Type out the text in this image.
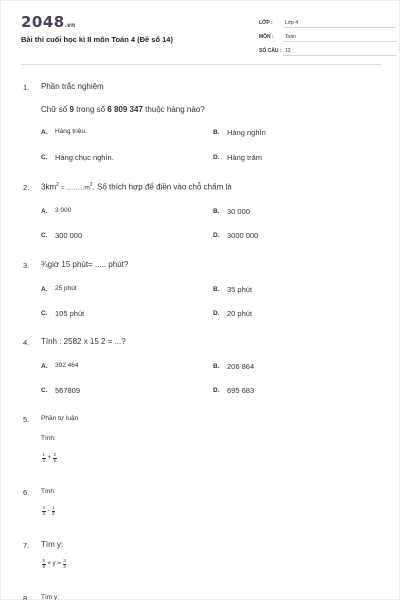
2048.vn
Bài thi cuối học kì II môn Toán 4 (Đề số 14)
LỚP :	Lớp 4
MÔN :	Toán
SỐ CÂU : 12
1. Phần trắc nghiệm
Chữ số 9 trong số 6 809 347 thuộc hàng nào?
A. Hàng triệu.	B. Hàng nghìn
C. Hàng chục nghìn.	D. Hàng trăm
2. $3km^2 = ..........m^2$. Số thích hợp để điền vào chỗ chấm là
A. 3 000	B. 30 000
C. 300 000	D. 3000 000
3. ¾giờ 15 phút= ..... phút?
A. 25 phút	B. 35 phút
C. 105 phút	D. 20 phút
4. Tính : 2582 x 15 2 = ...?
A. 392 464	B. 206 864
C. 567809	D. 695 683
5. Phần tự luận
Tính:
$\frac{1}{4} + \frac{2}{5}$
6. Tính:
$\frac{4}{3} - \frac{1}{2}$
7. Tìm y:
$\frac{5}{8} \times y = \frac{3}{2}$
8. Tìm y:
